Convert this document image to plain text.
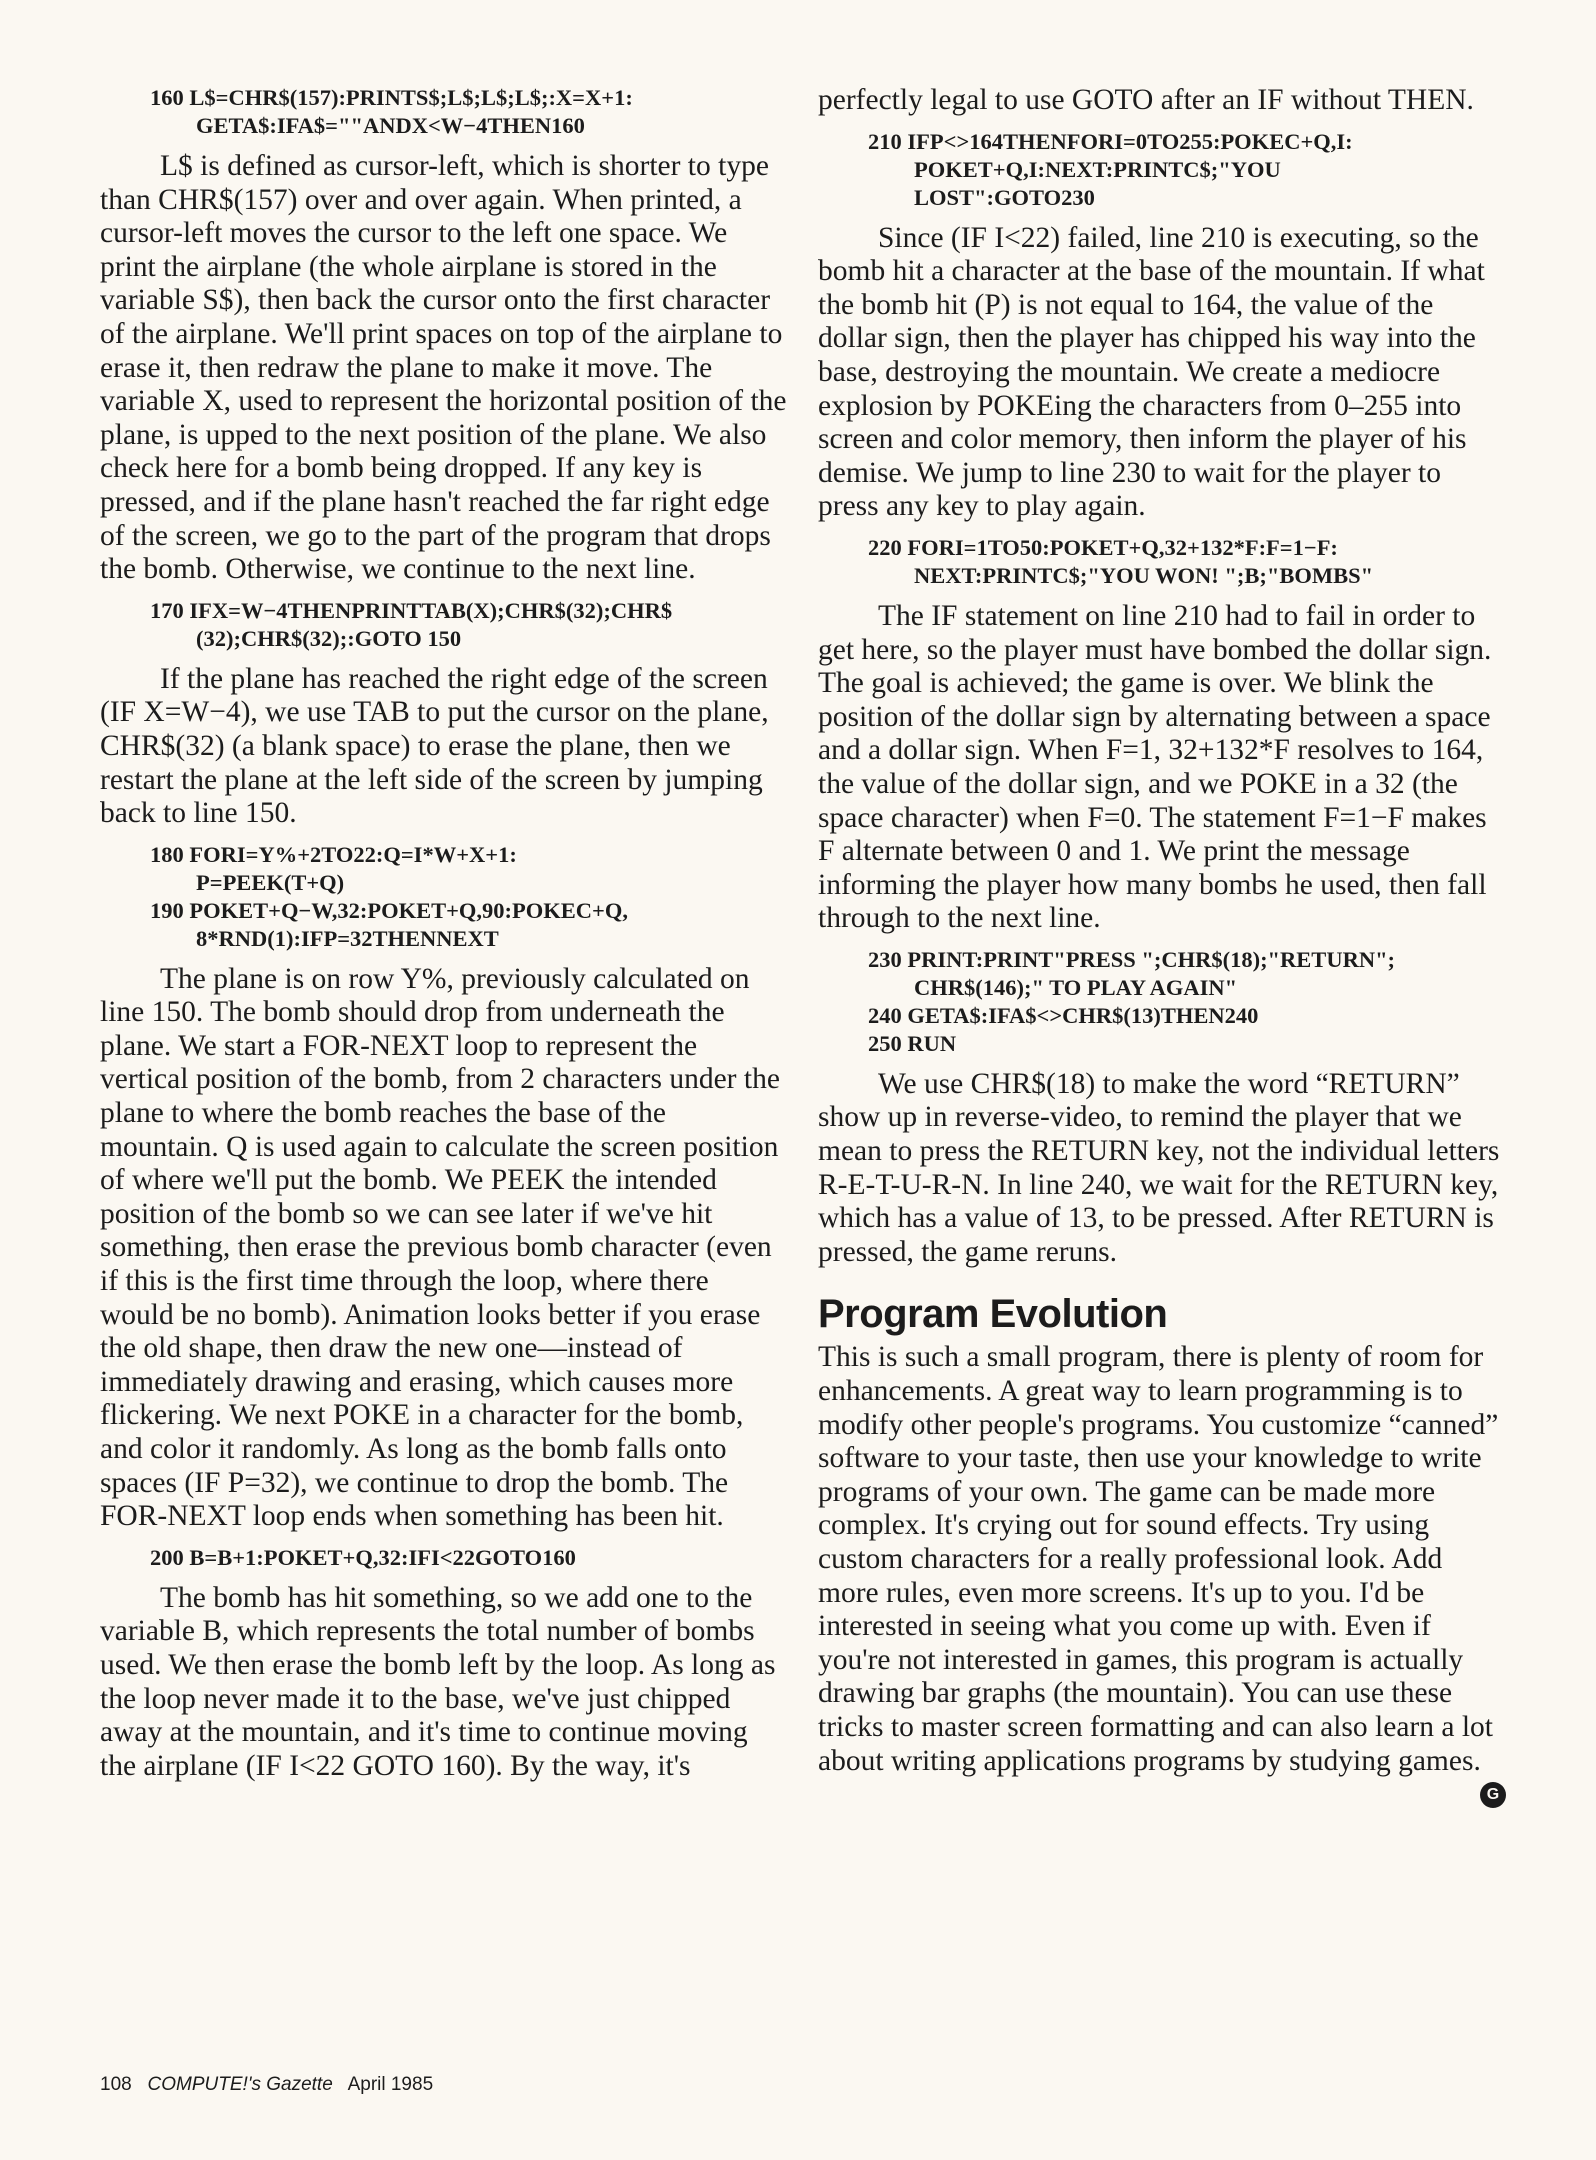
160 L$=CHR$(157):PRINTS$;L$;L$;L$;:X=X+1:
GETA$:IFA$=""ANDX<W−4THEN160

L$ is defined as cursor-left, which is shorter to type than CHR$(157) over and over again. When printed, a cursor-left moves the cursor to the left one space. We print the airplane (the whole airplane is stored in the variable S$), then back the cursor onto the first character of the airplane. We'll print spaces on top of the airplane to erase it, then redraw the plane to make it move. The variable X, used to represent the horizontal position of the plane, is upped to the next position of the plane. We also check here for a bomb being dropped. If any key is pressed, and if the plane hasn't reached the far right edge of the screen, we go to the part of the program that drops the bomb. Otherwise, we continue to the next line.

170 IFX=W−4THENPRINTTAB(X);CHR$(32);CHR$
(32);CHR$(32);:GOTO 150

If the plane has reached the right edge of the screen (IF X=W−4), we use TAB to put the cursor on the plane, CHR$(32) (a blank space) to erase the plane, then we restart the plane at the left side of the screen by jumping back to line 150.

180 FORI=Y%+2TO22:Q=I*W+X+1:
P=PEEK(T+Q)
190 POKET+Q−W,32:POKET+Q,90:POKEC+Q,
8*RND(1):IFP=32THENNEXT

The plane is on row Y%, previously calculated on line 150. The bomb should drop from underneath the plane. We start a FOR-NEXT loop to represent the vertical position of the bomb, from 2 characters under the plane to where the bomb reaches the base of the mountain. Q is used again to calculate the screen position of where we'll put the bomb. We PEEK the intended position of the bomb so we can see later if we've hit something, then erase the previous bomb character (even if this is the first time through the loop, where there would be no bomb). Animation looks better if you erase the old shape, then draw the new one—instead of immediately drawing and erasing, which causes more flickering. We next POKE in a character for the bomb, and color it randomly. As long as the bomb falls onto spaces (IF P=32), we continue to drop the bomb. The FOR-NEXT loop ends when something has been hit.

200 B=B+1:POKET+Q,32:IFI<22GOTO160

The bomb has hit something, so we add one to the variable B, which represents the total number of bombs used. We then erase the bomb left by the loop. As long as the loop never made it to the base, we've just chipped away at the mountain, and it's time to continue moving the airplane (IF I<22 GOTO 160). By the way, it's

perfectly legal to use GOTO after an IF without THEN.

210 IFP<>164THENFORI=0TO255:POKEC+Q,I:
POKET+Q,I:NEXT:PRINTC$;"YOU
LOST":GOTO230

Since (IF I<22) failed, line 210 is executing, so the bomb hit a character at the base of the mountain. If what the bomb hit (P) is not equal to 164, the value of the dollar sign, then the player has chipped his way into the base, destroying the mountain. We create a mediocre explosion by POKEing the characters from 0–255 into screen and color memory, then inform the player of his demise. We jump to line 230 to wait for the player to press any key to play again.

220 FORI=1TO50:POKET+Q,32+132*F:F=1−F:
NEXT:PRINTC$;"YOU WON! ";B;"BOMBS"

The IF statement on line 210 had to fail in order to get here, so the player must have bombed the dollar sign. The goal is achieved; the game is over. We blink the position of the dollar sign by alternating between a space and a dollar sign. When F=1, 32+132*F resolves to 164, the value of the dollar sign, and we POKE in a 32 (the space character) when F=0. The statement F=1−F makes F alternate between 0 and 1. We print the message informing the player how many bombs he used, then fall through to the next line.

230 PRINT:PRINT"PRESS ";CHR$(18);"RETURN";
CHR$(146);" TO PLAY AGAIN"
240 GETA$:IFA$<>CHR$(13)THEN240
250 RUN

We use CHR$(18) to make the word “RETURN” show up in reverse-video, to remind the player that we mean to press the RETURN key, not the individual letters R-E-T-U-R-N. In line 240, we wait for the RETURN key, which has a value of 13, to be pressed. After RETURN is pressed, the game reruns.

Program Evolution

This is such a small program, there is plenty of room for enhancements. A great way to learn programming is to modify other people's programs. You customize “canned” software to your taste, then use your knowledge to write programs of your own. The game can be made more complex. It's crying out for sound effects. Try using custom characters for a really professional look. Add more rules, even more screens. It's up to you. I'd be interested in seeing what you come up with. Even if you're not interested in games, this program is actually drawing bar graphs (the mountain). You can use these tricks to master screen formatting and can also learn a lot about writing applications programs by studying games.
G

108 COMPUTE!'s Gazette April 1985
